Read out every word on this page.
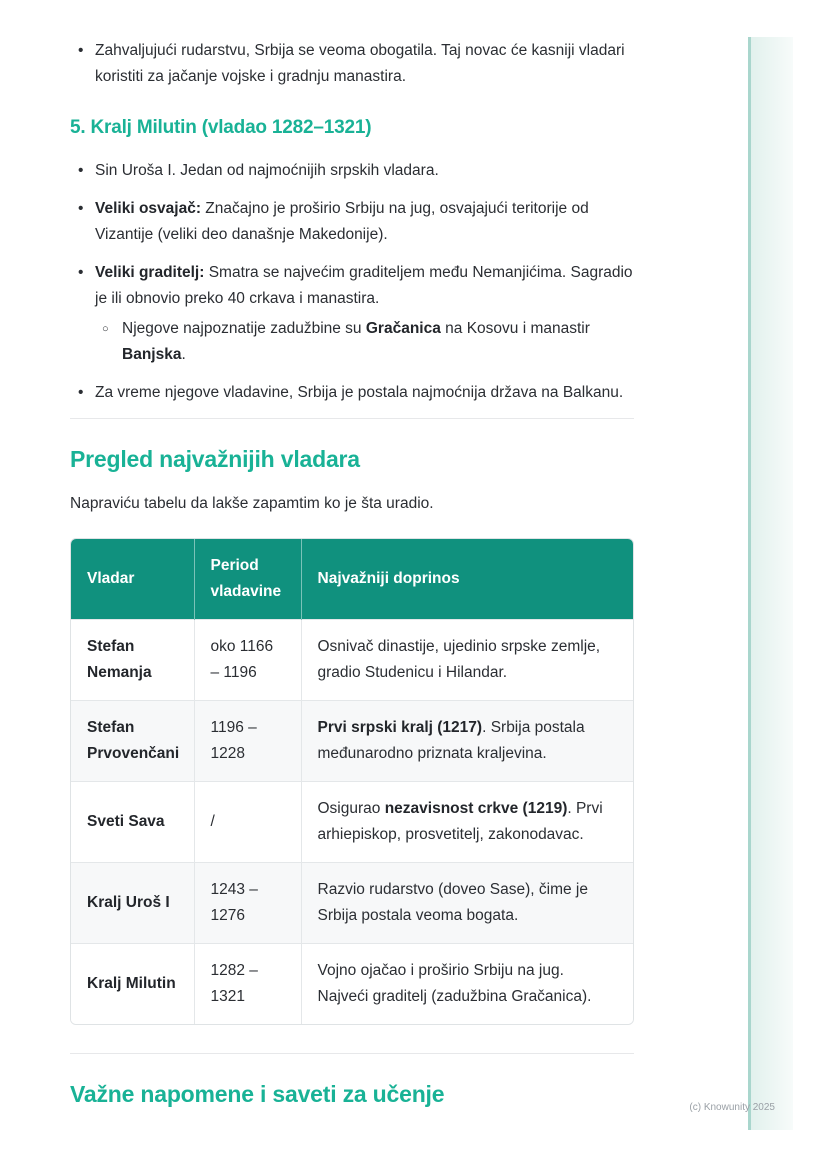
• Zahvaljujući rudarstvu, Srbija se veoma obogatila. Taj novac će kasniji vladari koristiti za jačanje vojske i gradnju manastira.
5. Kralj Milutin (vladao 1282–1321)
• Sin Uroša I. Jedan od najmoćnijih srpskih vladara.
• Veliki osvajač: Značajno je proširio Srbiju na jug, osvajajući teritorije od Vizantije (veliki deo današnje Makedonije).
• Veliki graditelj: Smatra se najvećim graditeljem među Nemanjićima. Sagradio je ili obnovio preko 40 crkava i manastira.
○ Njegove najpoznatije zadužbine su Gračanica na Kosovu i manastir Banjska.
• Za vreme njegove vladavine, Srbija je postala najmoćnija država na Balkanu.
Pregled najvažnijih vladara

Napraviću tabelu da lakše zapamtim ko je šta uradio.

Vladar	Period vladavine	Najvažniji doprinos
Stefan Nemanja	oko 1166 – 1196	Osnivač dinastije, ujedinio srpske zemlje, gradio Studenicu i Hilandar.
Stefan Prvovenčani	1196 – 1228	Prvi srpski kralj (1217). Srbija postala međunarodno priznata kraljevina.
Sveti Sava	/	Osigurao nezavisnost crkve (1219). Prvi arhiepiskop, prosvetitelj, zakonodavac.
Kralj Uroš I	1243 – 1276	Razvio rudarstvo (doveo Sase), čime je Srbija postala veoma bogata.
Kralj Milutin	1282 – 1321	Vojno ojačao i proširio Srbiju na jug. Najveći graditelj (zadužbina Gračanica).
Važne napomene i saveti za učenje
(c) Knowunity 2025
